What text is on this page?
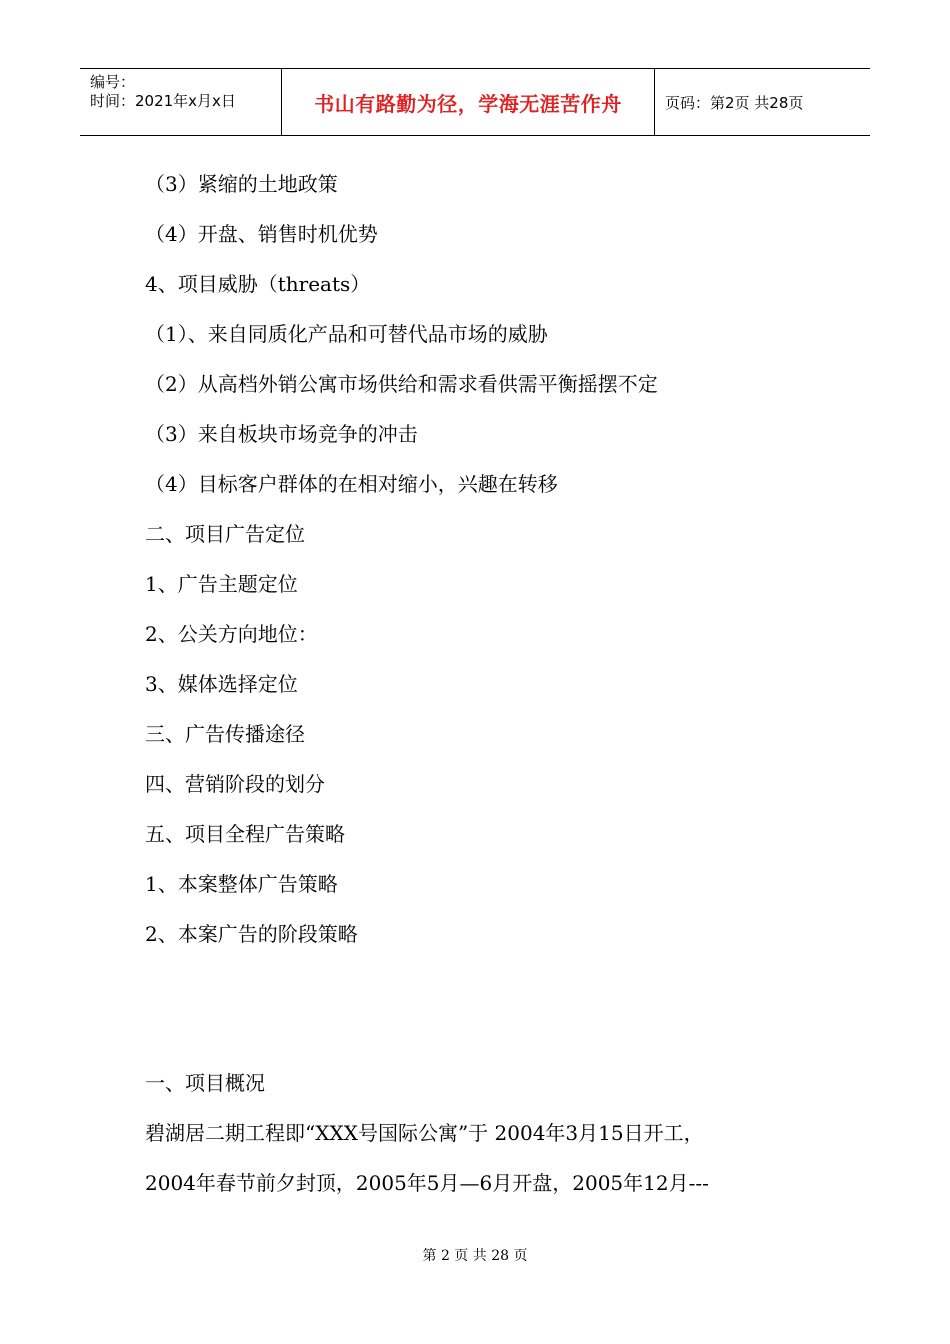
编号：
时间：2021年x月x日	书山有路勤为径，学海无涯苦作舟	页码：第2页 共28页
（3）紧缩的土地政策
（4）开盘、销售时机优势
4、项目威胁（threats）
（1）、来自同质化产品和可替代品市场的威胁
（2）从高档外销公寓市场供给和需求看供需平衡摇摆不定
（3）来自板块市场竞争的冲击
（4）目标客户群体的在相对缩小，兴趣在转移
二、项目广告定位
1、广告主题定位
2、公关方向地位：
3、媒体选择定位
三、广告传播途径
四、营销阶段的划分
五、项目全程广告策略
1、本案整体广告策略
2、本案广告的阶段策略
一、项目概况
碧湖居二期工程即“XXX号国际公寓”于 2004年3月15日开工，
2004年春节前夕封顶，2005年5月—6月开盘，2005年12月---
第 2 页 共 28 页
